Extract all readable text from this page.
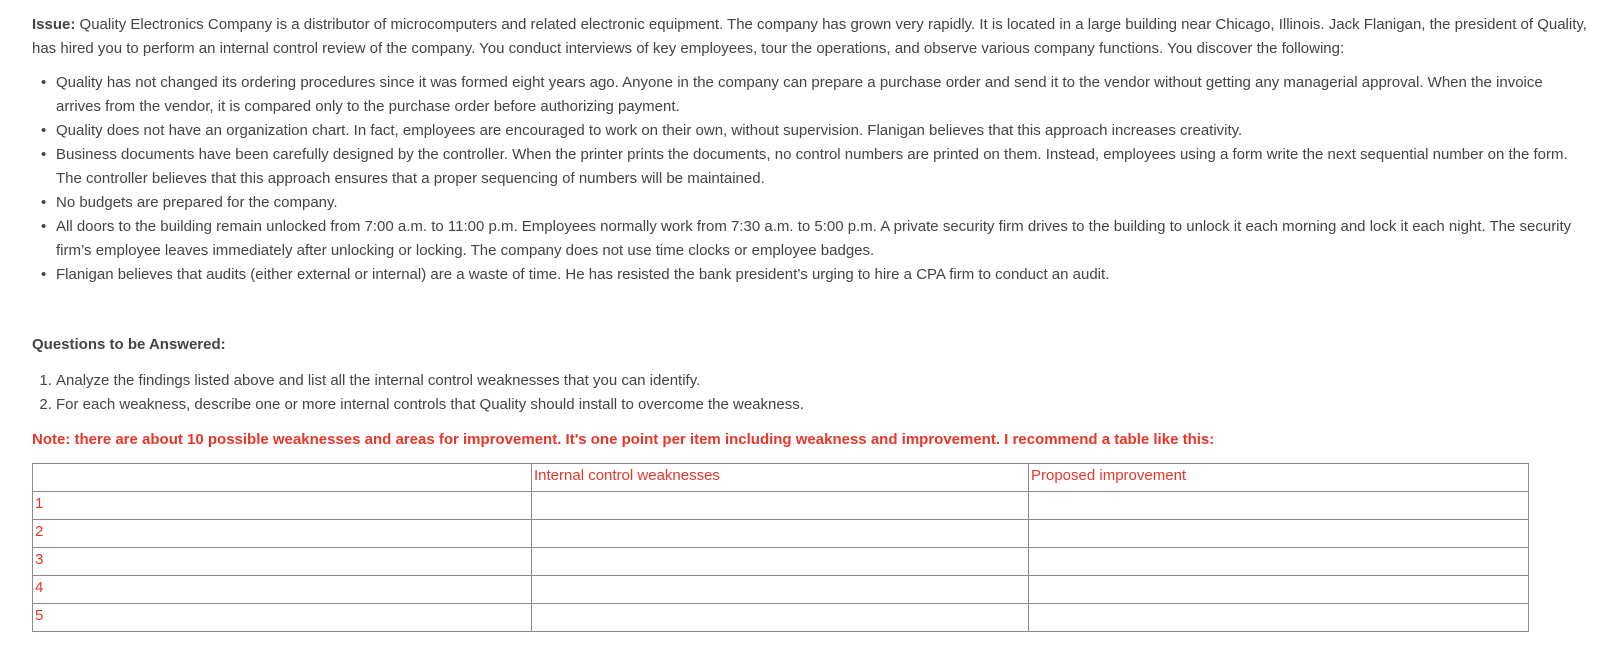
Issue: Quality Electronics Company is a distributor of microcomputers and related electronic equipment. The company has grown very rapidly. It is located in a large building near Chicago, Illinois. Jack Flanigan, the president of Quality, has hired you to perform an internal control review of the company. You conduct interviews of key employees, tour the operations, and observe various company functions. You discover the following:

• Quality has not changed its ordering procedures since it was formed eight years ago. Anyone in the company can prepare a purchase order and send it to the vendor without getting any managerial approval. When the invoice arrives from the vendor, it is compared only to the purchase order before authorizing payment.
• Quality does not have an organization chart. In fact, employees are encouraged to work on their own, without supervision. Flanigan believes that this approach increases creativity.
• Business documents have been carefully designed by the controller. When the printer prints the documents, no control numbers are printed on them. Instead, employees using a form write the next sequential number on the form. The controller believes that this approach ensures that a proper sequencing of numbers will be maintained.
• No budgets are prepared for the company.
• All doors to the building remain unlocked from 7:00 a.m. to 11:00 p.m. Employees normally work from 7:30 a.m. to 5:00 p.m. A private security firm drives to the building to unlock it each morning and lock it each night. The security firm’s employee leaves immediately after unlocking or locking. The company does not use time clocks or employee badges.
• Flanigan believes that audits (either external or internal) are a waste of time. He has resisted the bank president’s urging to hire a CPA firm to conduct an audit.

Questions to be Answered:

1. Analyze the findings listed above and list all the internal control weaknesses that you can identify.
2. For each weakness, describe one or more internal controls that Quality should install to overcome the weakness.

Note: there are about 10 possible weaknesses and areas for improvement. It's one point per item including weakness and improvement. I recommend a table like this:

	Internal control weaknesses	Proposed improvement
1		
2		
3		
4		
5		
